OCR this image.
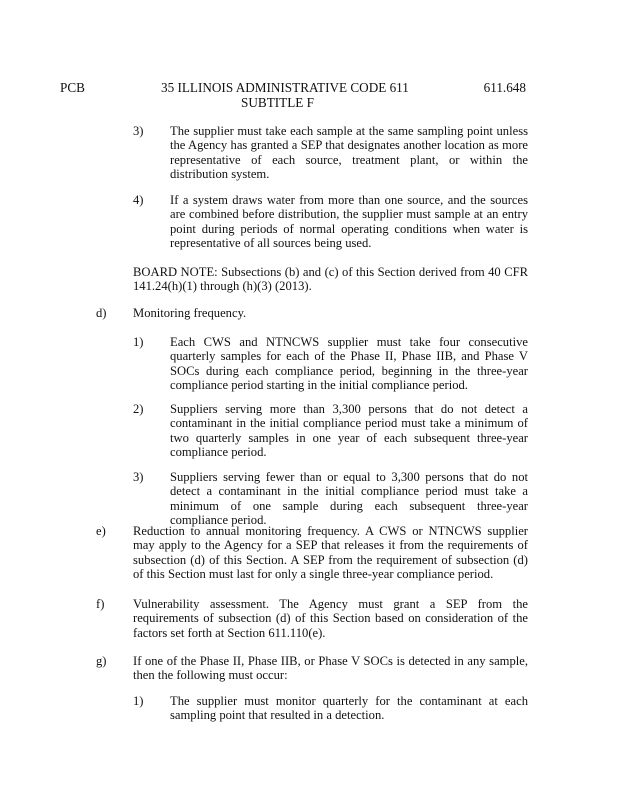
PCB	35 ILLINOIS ADMINISTRATIVE CODE 611
SUBTITLE F
611.648
3) The supplier must take each sample at the same sampling point unless the Agency has granted a SEP that designates another location as more representative of each source, treatment plant, or within the distribution system.
4) If a system draws water from more than one source, and the sources are combined before distribution, the supplier must sample at an entry point during periods of normal operating conditions when water is representative of all sources being used.
BOARD NOTE: Subsections (b) and (c) of this Section derived from 40 CFR 141.24(h)(1) through (h)(3) (2013).
d) Monitoring frequency.
1) Each CWS and NTNCWS supplier must take four consecutive quarterly samples for each of the Phase II, Phase IIB, and Phase V SOCs during each compliance period, beginning in the three-year compliance period starting in the initial compliance period.
2) Suppliers serving more than 3,300 persons that do not detect a contaminant in the initial compliance period must take a minimum of two quarterly samples in one year of each subsequent three-year compliance period.
3) Suppliers serving fewer than or equal to 3,300 persons that do not detect a contaminant in the initial compliance period must take a minimum of one sample during each subsequent three-year compliance period.
e) Reduction to annual monitoring frequency. A CWS or NTNCWS supplier may apply to the Agency for a SEP that releases it from the requirements of subsection (d) of this Section. A SEP from the requirement of subsection (d) of this Section must last for only a single three-year compliance period.
f) Vulnerability assessment. The Agency must grant a SEP from the requirements of subsection (d) of this Section based on consideration of the factors set forth at Section 611.110(e).
g) If one of the Phase II, Phase IIB, or Phase V SOCs is detected in any sample, then the following must occur:
1) The supplier must monitor quarterly for the contaminant at each sampling point that resulted in a detection.
